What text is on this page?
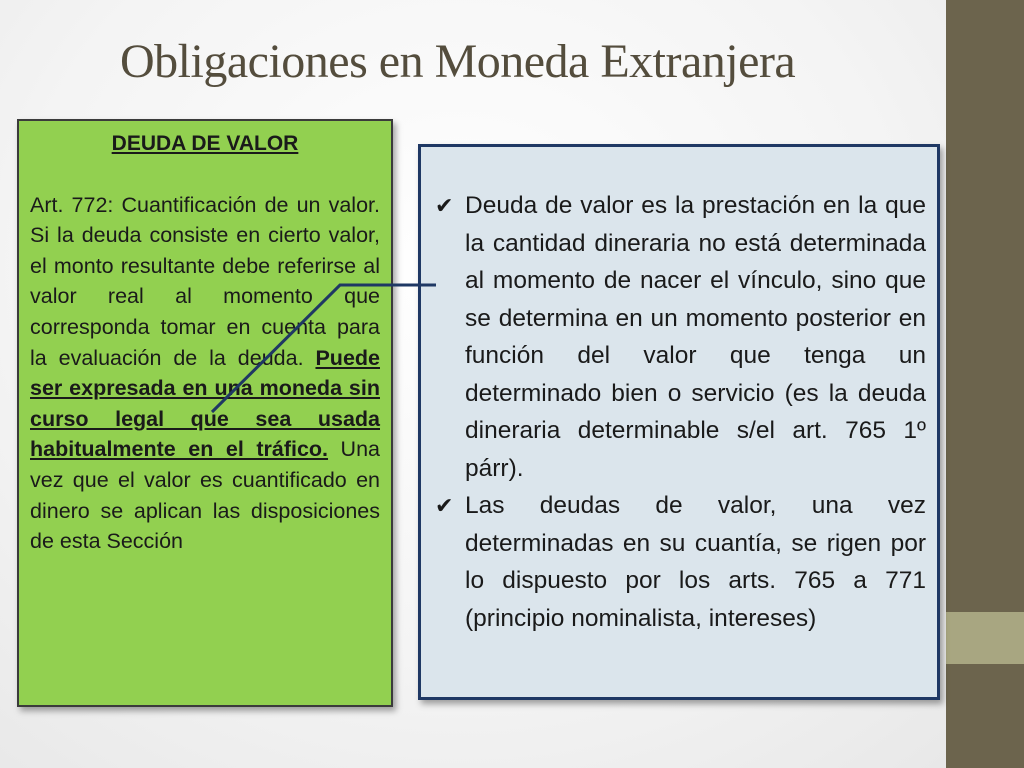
Obligaciones en Moneda Extranjera

DEUDA DE VALOR

Art. 772: Cuantificación de un valor. Si la deuda consiste en cierto valor, el monto resultante debe referirse al valor real al momento que corresponda tomar en cuenta para la evaluación de la deuda. Puede ser expresada en una moneda sin curso legal que sea usada habitualmente en el tráfico. Una vez que el valor es cuantificado en dinero se aplican las disposiciones de esta Sección

✔ Deuda de valor es la prestación en la que la cantidad dineraria no está determinada al momento de nacer el vínculo, sino que se determina en un momento posterior en función del valor que tenga un determinado bien o servicio (es la deuda dineraria determinable s/el art. 765 1º párr).

✔ Las deudas de valor, una vez determinadas en su cuantía, se rigen por lo dispuesto por los arts. 765 a 771 (principio nominalista, intereses)
